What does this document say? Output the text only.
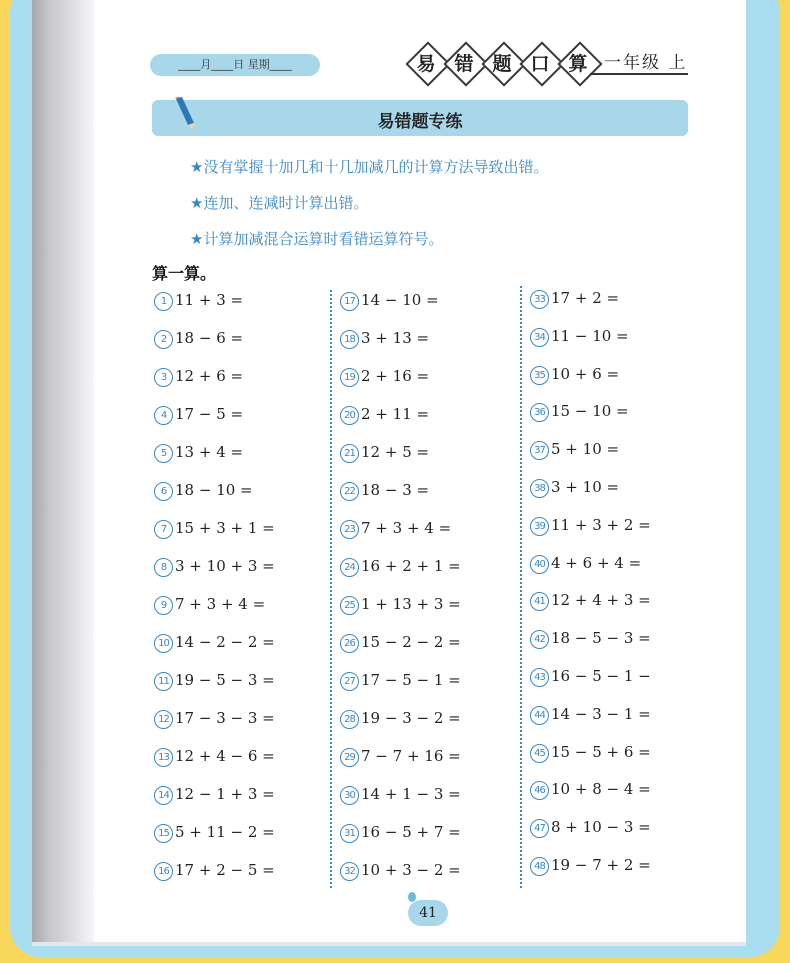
____月____日 星期____	易 错 题 口 算 一年级 上
易错题专练
★没有掌握十加几和十几加减几的计算方法导致出错。
★连加、连减时计算出错。
★计算加减混合运算时看错运算符号。
算一算。
1 11 + 3 =
2 18 − 6 =
3 12 + 6 =
4 17 − 5 =
5 13 + 4 =
6 18 − 10 =
7 15 + 3 + 1 =
8 3 + 10 + 3 =
9 7 + 3 + 4 =
10 14 − 2 − 2 =
11 19 − 5 − 3 =
12 17 − 3 − 3 =
13 12 + 4 − 6 =
14 12 − 1 + 3 =
15 5 + 11 − 2 =
16 17 + 2 − 5 =
17 14 − 10 =
18 3 + 13 =
19 2 + 16 =
20 2 + 11 =
21 12 + 5 =
22 18 − 3 =
23 7 + 3 + 4 =
24 16 + 2 + 1 =
25 1 + 13 + 3 =
26 15 − 2 − 2 =
27 17 − 5 − 1 =
28 19 − 3 − 2 =
29 7 − 7 + 16 =
30 14 + 1 − 3 =
31 16 − 5 + 7 =
32 10 + 3 − 2 =
33 17 + 2 =
34 11 − 10 =
35 10 + 6 =
36 15 − 10 =
37 5 + 10 =
38 3 + 10 =
39 11 + 3 + 2 =
40 4 + 6 + 4 =
41 12 + 4 + 3 =
42 18 − 5 − 3 =
43 16 − 5 − 1 −
44 14 − 3 − 1 =
45 15 − 5 + 6 =
46 10 + 8 − 4 =
47 8 + 10 − 3 =
48 19 − 7 + 2 =
41
